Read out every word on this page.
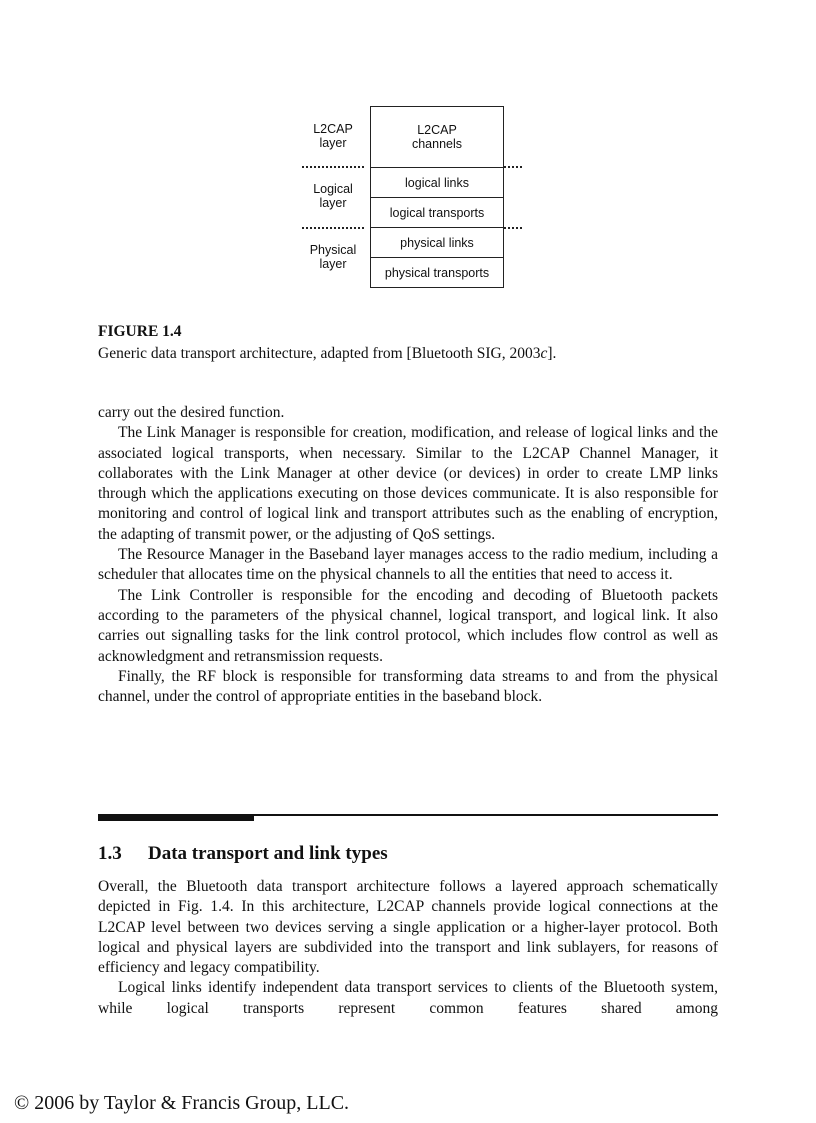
L2CAP
layer
Logical
layer
Physical
layer
L2CAP
channels
logical links
logical transports
physical links
physical transports
FIGURE 1.4
Generic data transport architecture, adapted from [Bluetooth SIG, 2003c].

carry out the desired function.

The Link Manager is responsible for creation, modification, and release of logical links and the associated logical transports, when necessary. Similar to the L2CAP Channel Manager, it collaborates with the Link Manager at other device (or devices) in order to create LMP links through which the applications executing on those devices communicate. It is also responsible for monitoring and control of logical link and transport attributes such as the enabling of encryption, the adapting of transmit power, or the adjusting of QoS settings.

The Resource Manager in the Baseband layer manages access to the radio medium, including a scheduler that allocates time on the physical channels to all the entities that need to access it.

The Link Controller is responsible for the encoding and decoding of Bluetooth packets according to the parameters of the physical channel, logical transport, and logical link. It also carries out signalling tasks for the link control protocol, which includes flow control as well as acknowledgment and retransmission requests.

Finally, the RF block is responsible for transforming data streams to and from the physical channel, under the control of appropriate entities in the baseband block.

1.3 Data transport and link types

Overall, the Bluetooth data transport architecture follows a layered approach schematically depicted in Fig. 1.4. In this architecture, L2CAP channels provide logical connections at the L2CAP level between two devices serving a single application or a higher-layer protocol. Both logical and physical layers are subdivided into the transport and link sublayers, for reasons of efficiency and legacy compatibility.

Logical links identify independent data transport services to clients of the Bluetooth system, while logical transports represent common features shared among

© 2006 by Taylor & Francis Group, LLC.
